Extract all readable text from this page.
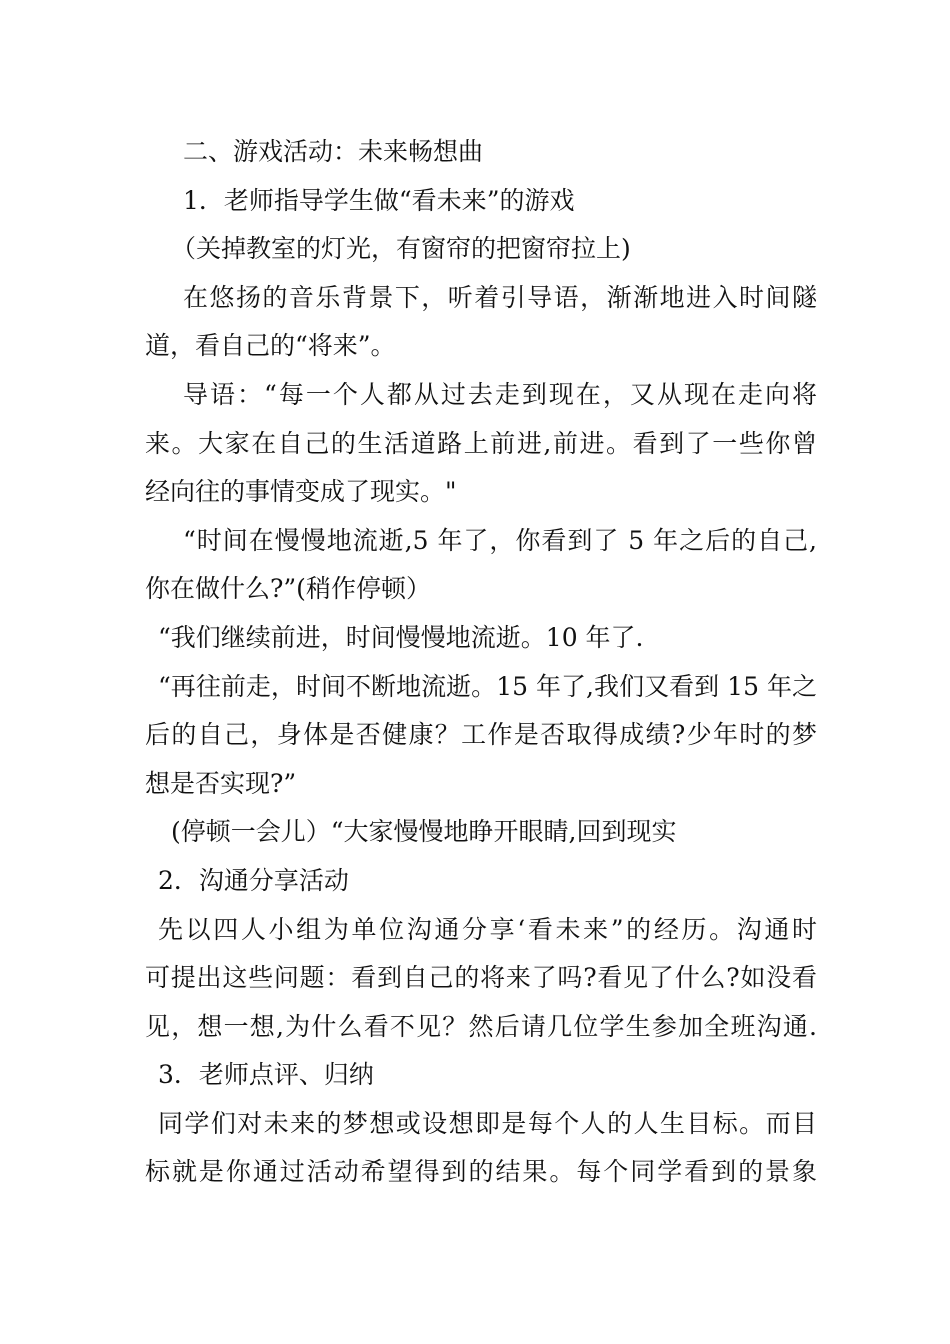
二、游戏活动：未来畅想曲
1．老师指导学生做“看未来”的游戏
（关掉教室的灯光，有窗帘的把窗帘拉上)
在悠扬的音乐背景下，听着引导语，渐渐地进入时间隧
道，看自己的“将来”。
导语：“每一个人都从过去走到现在，又从现在走向将
来。大家在自己的生活道路上前进,前进。看到了一些你曾
经向往的事情变成了现实。"
“时间在慢慢地流逝,5 年了，你看到了 5 年之后的自己,
你在做什么?”(稍作停顿）
“我们继续前进，时间慢慢地流逝。10 年了.
“再往前走，时间不断地流逝。15 年了,我们又看到 15 年之
后的自己，身体是否健康？工作是否取得成绩?少年时的梦
想是否实现?”
(停顿一会儿）“大家慢慢地睁开眼睛,回到现实
2．沟通分享活动
先以四人小组为单位沟通分享‘看未来”的经历。沟通时
可提出这些问题：看到自己的将来了吗?看见了什么?如没看
见，想一想,为什么看不见？然后请几位学生参加全班沟通.
3．老师点评、归纳
同学们对未来的梦想或设想即是每个人的人生目标。而目
标就是你通过活动希望得到的结果。每个同学看到的景象
